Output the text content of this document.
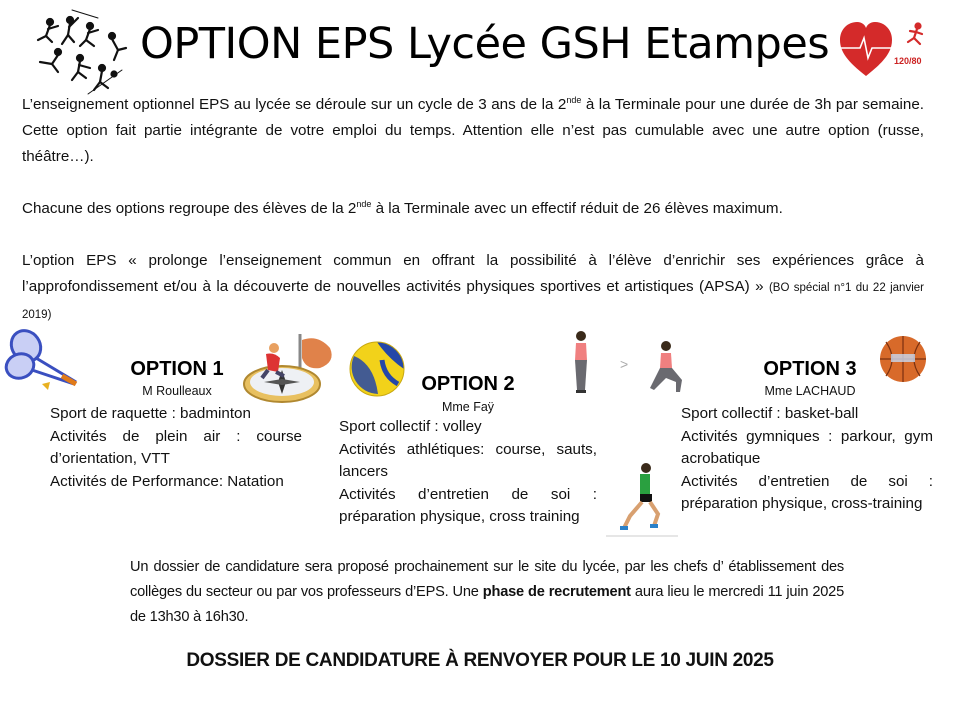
OPTION EPS Lycée GSH Etampes	120/80
L’enseignement optionnel EPS au lycée se déroule sur un cycle de 3 ans de la 2nde à la Terminale pour une durée de 3h par semaine. Cette option fait partie intégrante de votre emploi du temps. Attention elle n’est pas cumulable avec une autre option (russe, théâtre…).
Chacune des options regroupe des élèves de la 2nde à la Terminale avec un effectif réduit de 26 élèves maximum.
L’option EPS « prolonge l’enseignement commun en offrant la possibilité à l’élève d’enrichir ses expériences grâce à l’approfondissement et/ou à la découverte de nouvelles activités physiques sportives et artistiques (APSA) » (BO spécial n°1 du 22 janvier 2019)
>
OPTION 1
M Roulleaux
Sport de raquette : badminton
Activités de plein air : course d’orientation, VTT
Activités de Performance: Natation
OPTION 2
Mme Faÿ
Sport collectif : volley
Activités athlétiques: course, sauts, lancers
Activités d’entretien de soi : préparation physique, cross training
OPTION 3
Mme LACHAUD
Sport collectif : basket-ball
Activités gymniques : parkour, gym acrobatique
Activités d’entretien de soi : préparation physique, cross-training
Un dossier de candidature sera proposé prochainement sur le site du lycée, par les chefs d’ établissement des collèges du secteur ou par vos professeurs d’EPS. Une phase de recrutement aura lieu le mercredi 11 juin 2025 de 13h30 à 16h30.
DOSSIER DE CANDIDATURE À RENVOYER POUR LE 10 JUIN 2025
